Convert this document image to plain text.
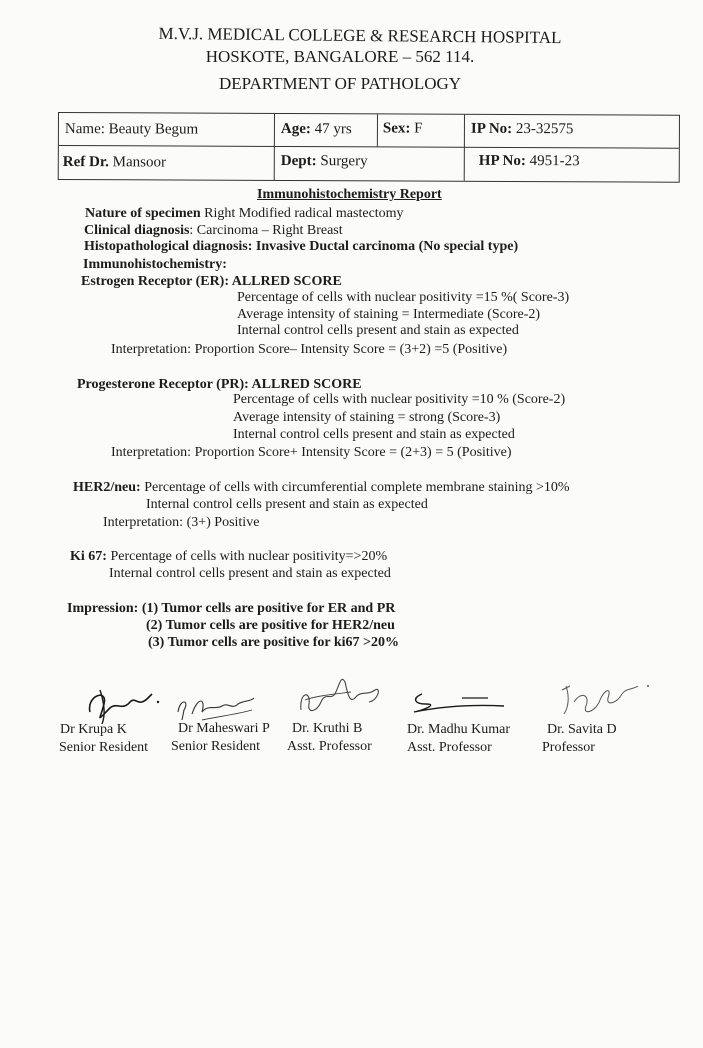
M.V.J. MEDICAL COLLEGE & RESEARCH HOSPITAL
HOSKOTE, BANGALORE – 562 114.
DEPARTMENT OF PATHOLOGY
Name: Beauty Begum	Age: 47 yrs Sex: F	IP No: 23-32575
Ref Dr. Mansoor	Dept: Surgery	HP No: 4951-23
Immunohistochemistry Report
Nature of specimen Right Modified radical mastectomy
Clinical diagnosis: Carcinoma – Right Breast
Histopathological diagnosis: Invasive Ductal carcinoma (No special type)
Immunohistochemistry:
Estrogen Receptor (ER): ALLRED SCORE
Percentage of cells with nuclear positivity =15 %( Score-3)
Average intensity of staining = Intermediate (Score-2)
Internal control cells present and stain as expected
Interpretation: Proportion Score– Intensity Score = (3+2) =5 (Positive)
Progesterone Receptor (PR): ALLRED SCORE
Percentage of cells with nuclear positivity =10 % (Score-2)
Average intensity of staining = strong (Score-3)
Internal control cells present and stain as expected
Interpretation: Proportion Score+ Intensity Score = (2+3) = 5 (Positive)
HER2/neu: Percentage of cells with circumferential complete membrane staining >10%
Internal control cells present and stain as expected
Interpretation: (3+) Positive
Ki 67: Percentage of cells with nuclear positivity=>20%
Internal control cells present and stain as expected
Impression: (1) Tumor cells are positive for ER and PR
(2) Tumor cells are positive for HER2/neu
(3) Tumor cells are positive for ki67 >20%
Dr Krupa K
Senior Resident
Dr Maheswari P
Senior Resident
Dr. Kruthi B
Asst. Professor
Dr. Madhu Kumar
Asst. Professor
Dr. Savita D
Professor
